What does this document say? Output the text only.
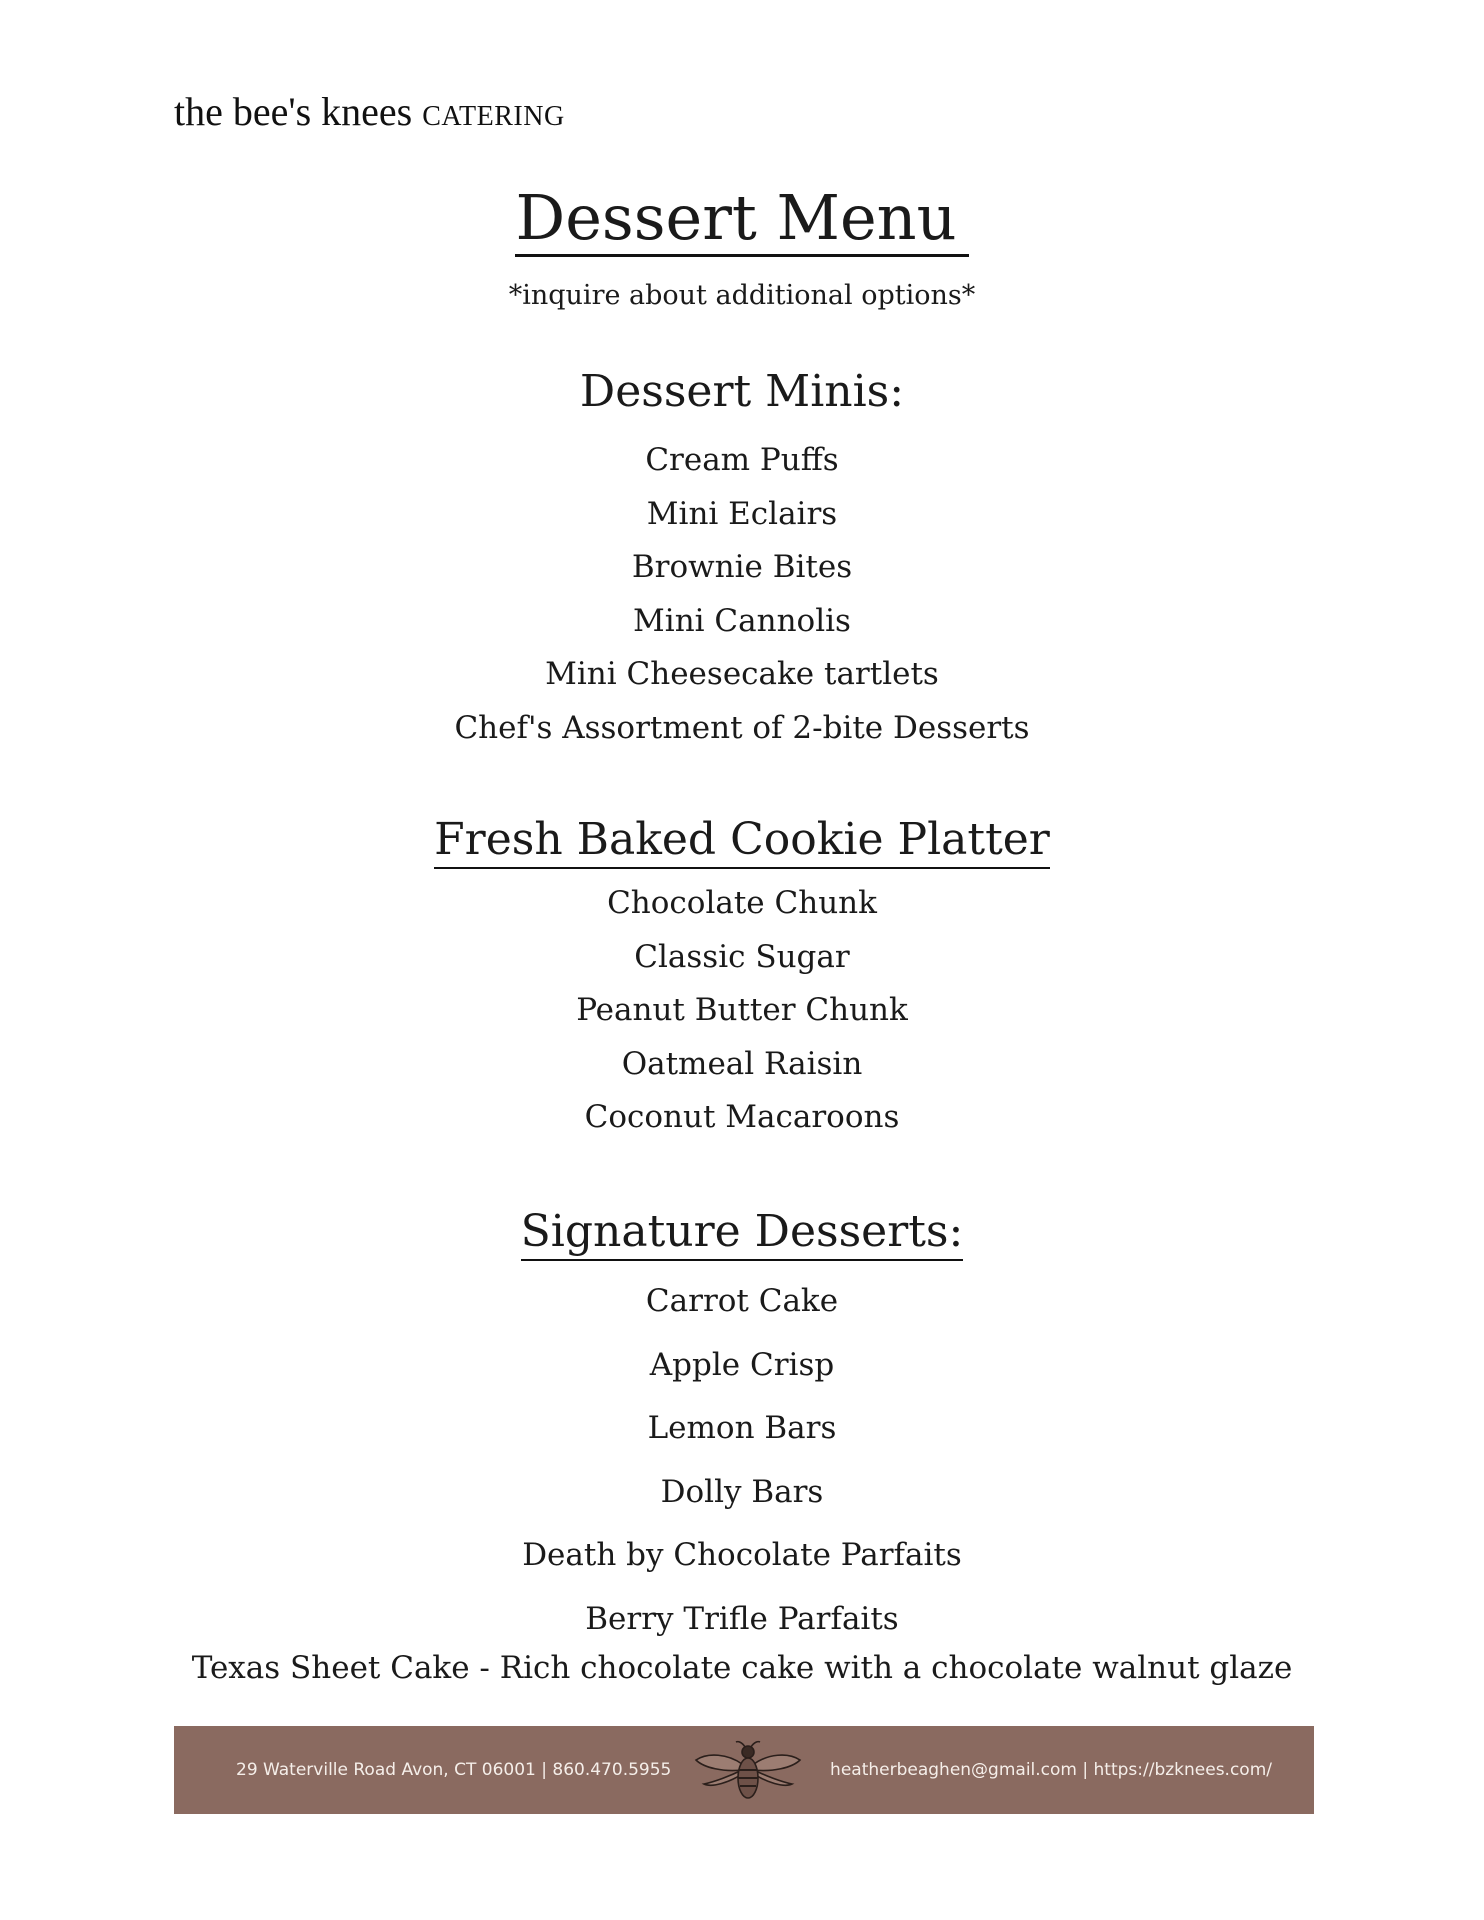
the bee's knees CATERING
Dessert Menu
*inquire about additional options*
Dessert Minis:
Cream Puffs
Mini Eclairs
Brownie Bites
Mini Cannolis
Mini Cheesecake tartlets
Chef's Assortment of 2-bite Desserts
Fresh Baked Cookie Platter
Chocolate Chunk
Classic Sugar
Peanut Butter Chunk
Oatmeal Raisin
Coconut Macaroons
Signature Desserts:
Carrot Cake
Apple Crisp
Lemon Bars
Dolly Bars
Death by Chocolate Parfaits
Berry Trifle Parfaits
Texas Sheet Cake - Rich chocolate cake with a chocolate walnut glaze
29 Waterville Road Avon, CT 06001 | 860.470.5955	heatherbeaghen@gmail.com | https://bzknees.com/
